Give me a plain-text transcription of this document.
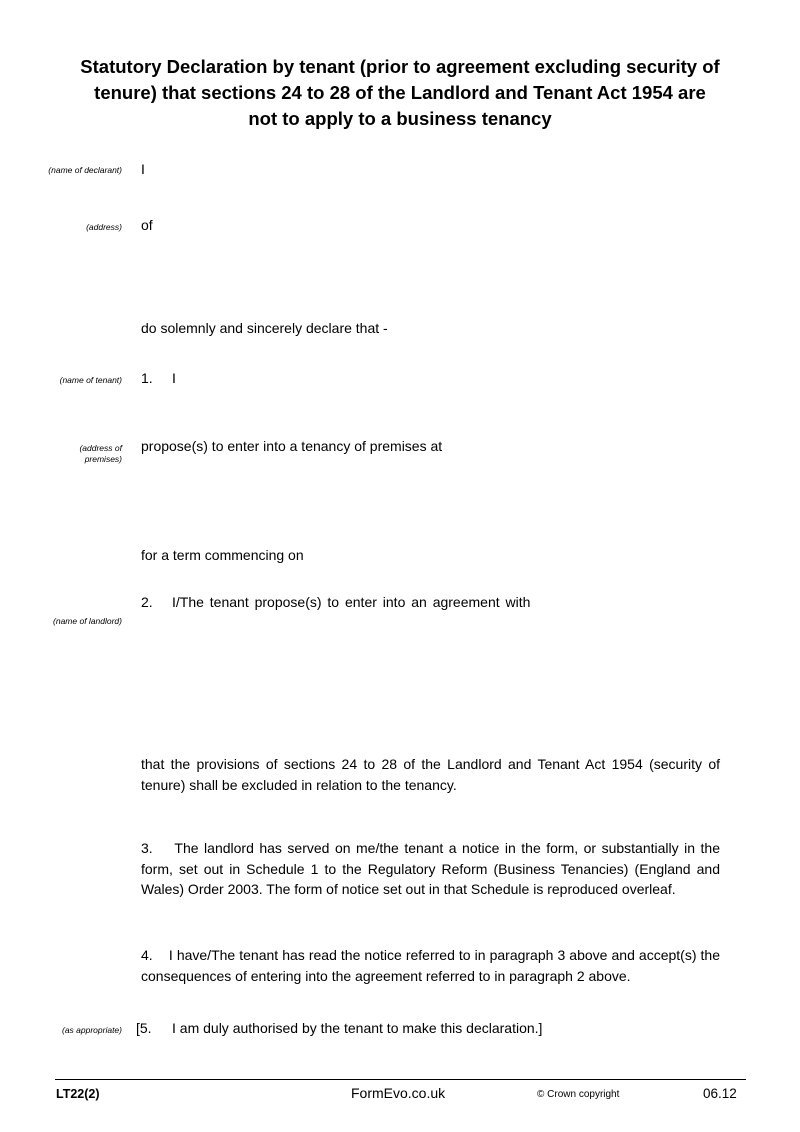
Statutory Declaration by tenant (prior to agreement excluding security of tenure) that sections 24 to 28 of the Landlord and Tenant Act 1954 are not to apply to a business tenancy
(name of declarant) I
(address) of
do solemnly and sincerely declare that -
(name of tenant) 1. I
(address of
premises)
propose(s) to enter into a tenancy of premises at
for a term commencing on
2. I/The tenant propose(s) to enter into an agreement with
(name of landlord)
that the provisions of sections 24 to 28 of the Landlord and Tenant Act 1954 (security of tenure) shall be excluded in relation to the tenancy.
3.    The landlord has served on me/the tenant a notice in the form, or substantially in the form, set out in Schedule 1 to the Regulatory Reform (Business Tenancies) (England and Wales) Order 2003. The form of notice set out in that Schedule is reproduced overleaf.
4.    I have/The tenant has read the notice referred to in paragraph 3 above and accept(s) the consequences of entering into the agreement referred to in paragraph 2 above.
(as appropriate) [5. I am duly authorised by the tenant to make this declaration.]
LT22(2)	FormEvo.co.uk	© Crown copyright	06.12
